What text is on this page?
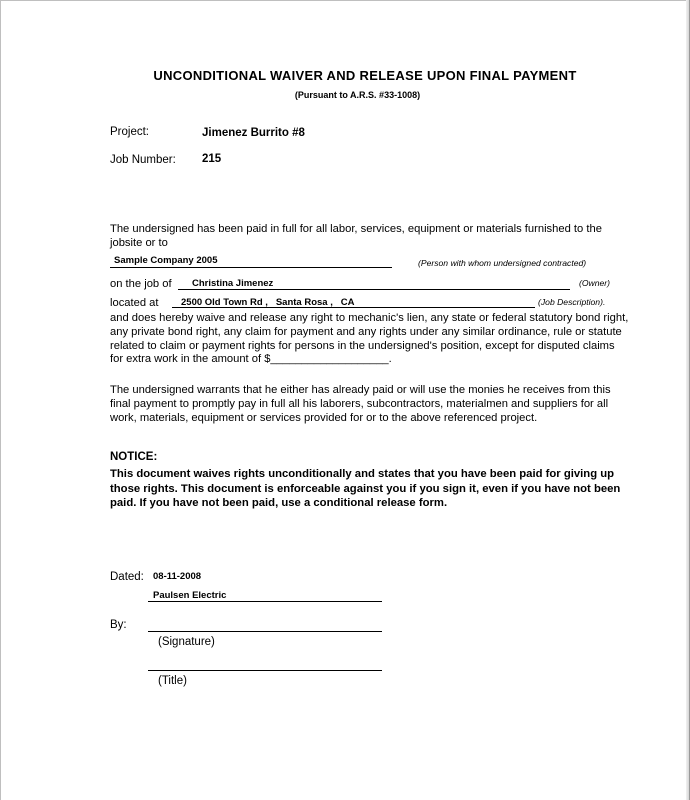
UNCONDITIONAL WAIVER AND RELEASE UPON FINAL PAYMENT
(Pursuant to A.R.S. #33-1008)
Project:	Jimenez Burrito #8
Job Number: 215
The undersigned has been paid in full for all labor, services, equipment or materials furnished to the jobsite or to
Sample Company 2005	(Person with whom undersigned contracted)
on the job of Christina Jimenez	(Owner)
located at 2500 Old Town Rd ,   Santa Rosa ,   CA	(Job Description).
and does hereby waive and release any right to mechanic's lien, any state or federal statutory bond right, any private bond right, any claim for payment and any rights under any similar ordinance, rule or statute related to claim or payment rights for persons in the undersigned's position, except for disputed claims for extra work in the amount of $___________________.
The undersigned warrants that he either has already paid or will use the monies he receives from this final payment to promptly pay in full all his laborers, subcontractors, materialmen and suppliers for all work, materials, equipment or services provided for or to the above referenced project.
NOTICE:
This document waives rights unconditionally and states that you have been paid for giving up those rights. This document is enforceable against you if you sign it, even if you have not been paid. If you have not been paid, use a conditional release form.
Dated: 08-11-2008
Paulsen Electric
By:
(Signature)
(Title)
